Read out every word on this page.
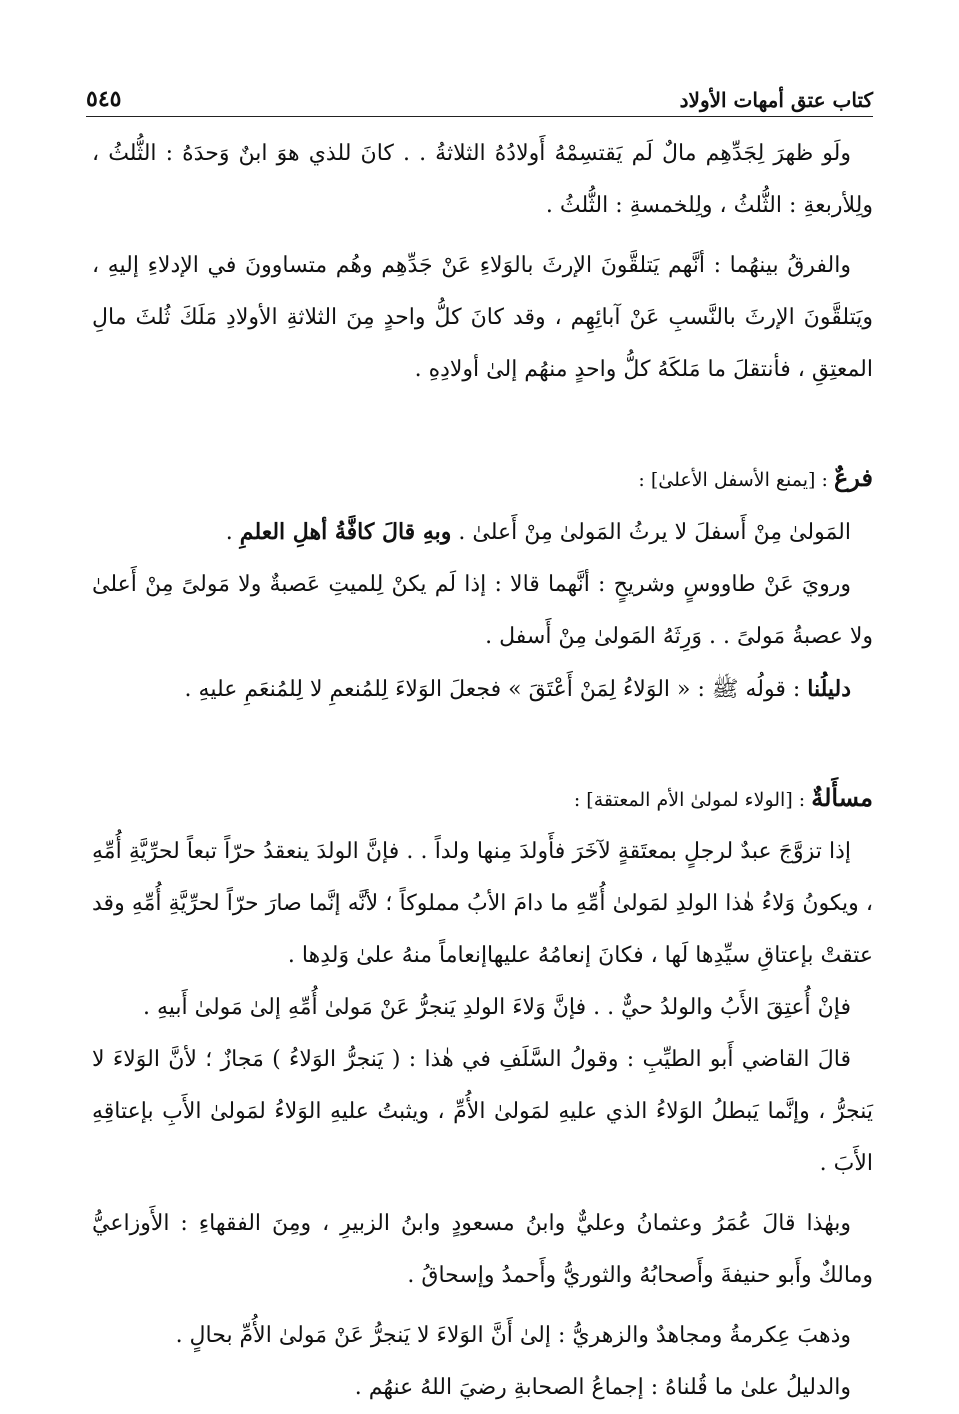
كتاب عتق أمهات الأولاد
٥٤٥

ولَو ظهرَ لِجَدِّهِم مالٌ لَم يَقتسِمْهُ أَولادُهُ الثلاثةُ . . كانَ للذي هوَ ابنٌ وَحدَهُ : الثُّلثُ ، ولِلأربعةِ : الثُّلثُ ، ولِلخمسةِ : الثُّلثُ .

والفرقُ بينهُما : أنَّهم يَتلقَّونَ الإرثَ بالوَلاءِ عَنْ جَدِّهِم وهُم متساوونَ في الإدلاءِ إليهِ ، ويَتلقَّونَ الإرثَ بالنَّسبِ عَنْ آبائِهِم ، وقد كانَ كلُّ واحدٍ مِنَ الثلاثةِ الأولادِ مَلَكَ ثُلثَ مالِ المعتِقِ ، فأنتقلَ ما مَلكَهُ كلُّ واحدٍ منهُم إلىٰ أولادِهِ .

فرعٌ : [يمنع الأسفل الأعلىٰ] :

المَولىٰ مِنْ أَسفلَ لا يرثُ المَولىٰ مِنْ أَعلىٰ . وبهِ قالَ كافَّةُ أهلِ العلمِ .

ورويَ عَنْ طاووسٍ وشريحٍ : أنَّهما قالا : إذا لَم يكنْ لِلميتِ عَصبةٌ ولا مَولىً مِنْ أَعلىٰ ولا عصبةُ مَولىً . . وَرِثَهُ المَولىٰ مِنْ أَسفل .

دليلُنا : قولُه ﷺ : « الوَلاءُ لِمَنْ أَعْتَقَ » فجعلَ الوَلاءَ لِلمُنعمِ لا لِلمُنعَمِ عليهِ .

مسأَلةٌ : [الولاء لمولىٰ الأم المعتقة] :

إذا تزوَّجَ عبدٌ لرجلٍ بمعتَقةٍ لآخَرَ فأَولدَ مِنها ولداً . . فإنَّ الولدَ ينعقدُ حرّاً تبعاً لحرِّيَّةِ أُمِّهِ ، ويكونُ وَلاءُ هٰذا الولدِ لمَولىٰ أُمِّهِ ما دامَ الأبُ مملوكاً ؛ لأنَّه إنَّما صارَ حرّاً لحرِّيَّةِ أُمِّهِ وقد عتقتْ بإعتاقِ سيِّدِها لَها ، فكانَ إنعامُهُ عليهاإنعاماً منهُ علىٰ وَلدِها .

فإنْ أُعتِقَ الأَبُ والولدُ حيٌّ . . فإنَّ وَلاءَ الولدِ يَنجرُّ عَنْ مَولىٰ أُمِّهِ إلىٰ مَولىٰ أَبيهِ .

قالَ القاضي أَبو الطيِّبِ : وقولُ السَّلَفِ في هٰذا : ( يَنجرُّ الوَلاءُ ) مَجازٌ ؛ لأنَّ الوَلاءَ لا يَنجرُّ ، وإنَّما يَبطلُ الوَلاءُ الذي عليهِ لمَولىٰ الأُمِّ ، ويثبتُ عليهِ الوَلاءُ لمَولىٰ الأَبِ بإعتاقِهِ الأَبَ .

وبهٰذا قالَ عُمَرُ وعثمانُ وعليٌّ وابنُ مسعودٍ وابنُ الزبيرِ ، ومِنَ الفقهاءِ : الأَوزاعيُّ ومالكٌ وأَبو حنيفةَ وأَصحابُهُ والثوريُّ وأَحمدُ وإسحاقُ .

وذهبَ عِكرمةُ ومجاهدٌ والزهريُّ : إلىٰ أَنَّ الوَلاءَ لا يَنجرُّ عَنْ مَولىٰ الأُمِّ بحالٍ .

والدليلُ علىٰ ما قُلناهُ : إجماعُ الصحابةِ رضيَ اللهُ عنهُم .
